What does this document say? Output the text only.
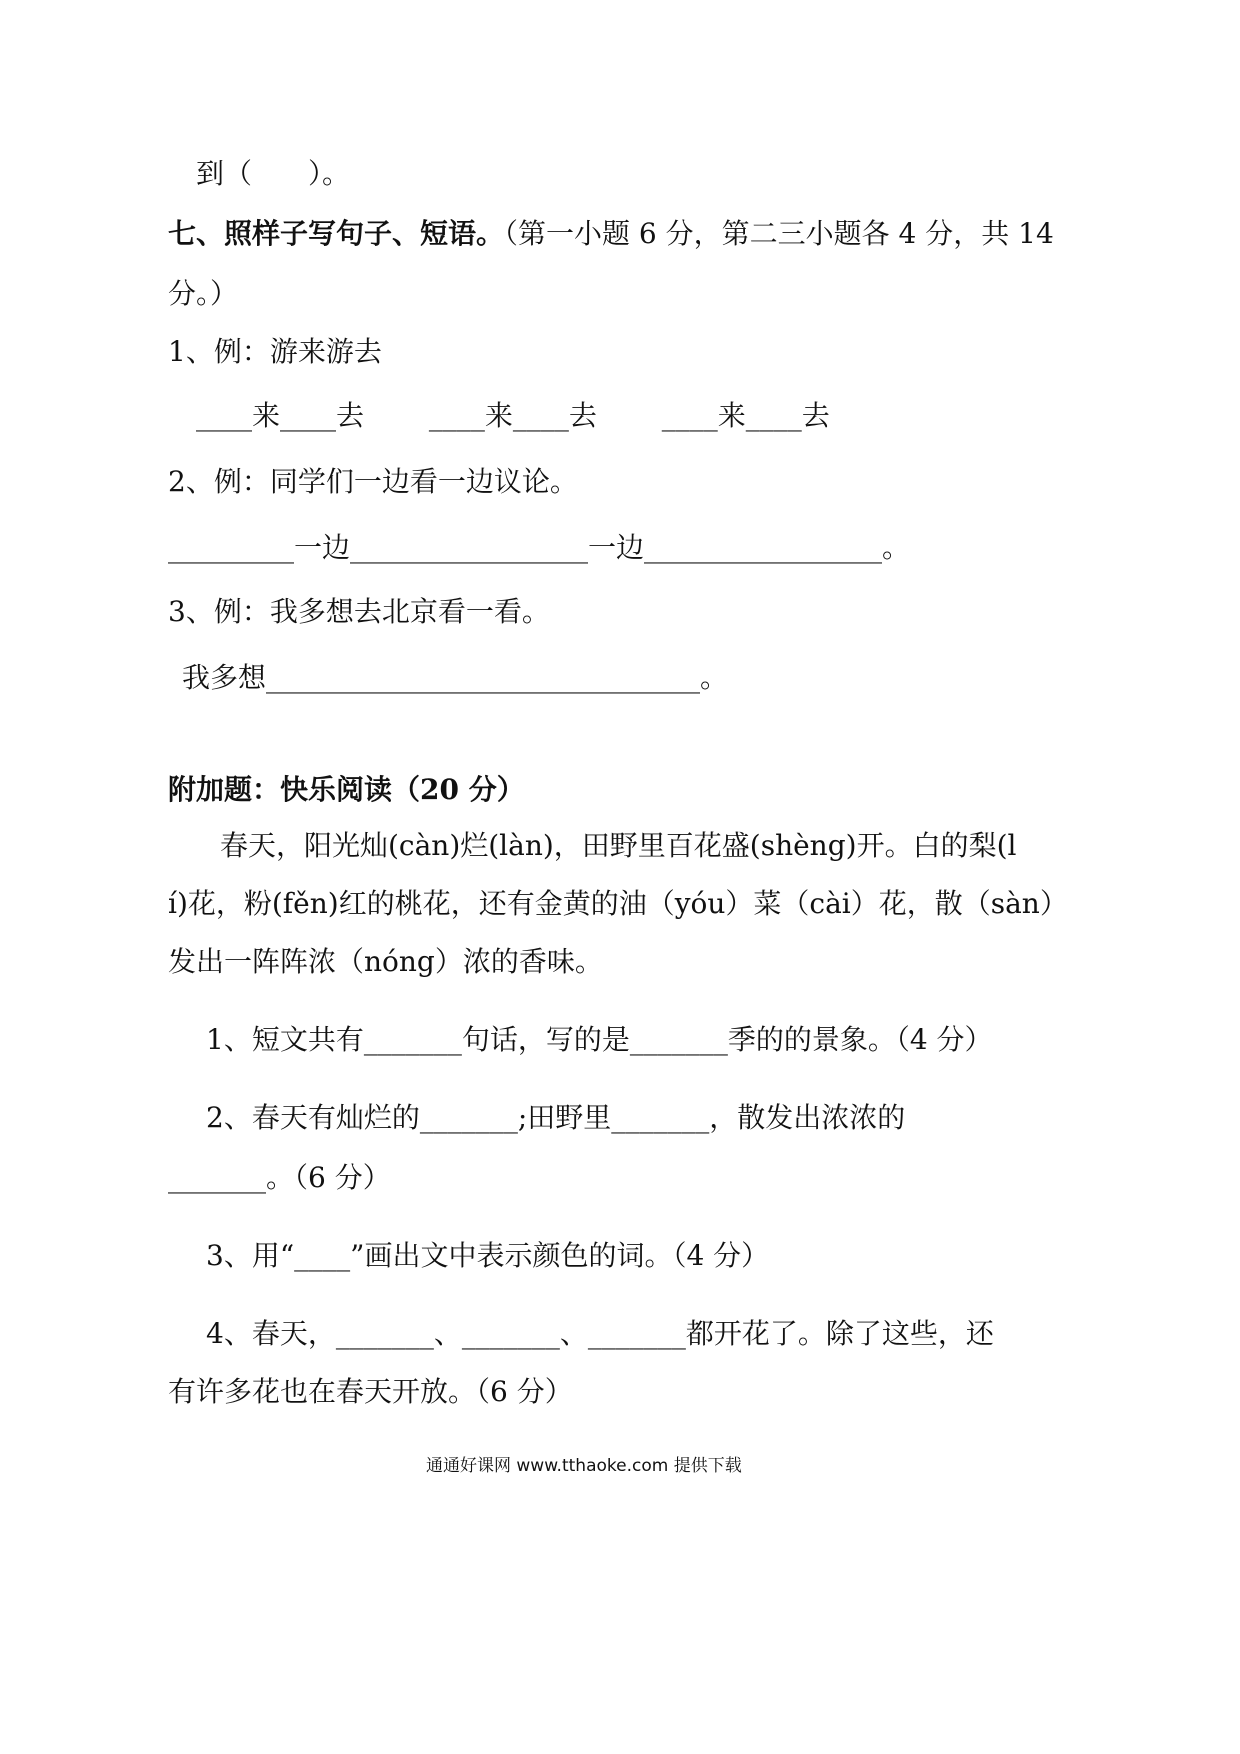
到（　　）。
七、照样子写句子、短语。（第一小题 6 分，第二三小题各 4 分，共 14
分。）
1、例：游来游去
____来____去　　 ____来____去　　 ____来____去
2、例：同学们一边看一边议论。
_________一边_________________一边_________________。
3、例：我多想去北京看一看。
我多想_______________________________。
附加题：快乐阅读（20 分）
春天，阳光灿(càn)烂(làn)，田野里百花盛(shèng)开。白的梨(l
í)花，粉(fěn)红的桃花，还有金黄的油（yóu）菜（cài）花，散（sàn）
发出一阵阵浓（nóng）浓的香味。
1、短文共有_______句话，写的是_______季的的景象。（4 分）
2、春天有灿烂的_______;田野里_______，散发出浓浓的
_______。（6 分）
3、用“____”画出文中表示颜色的词。（4 分）
4、春天，_______、_______、_______都开花了。除了这些，还
有许多花也在春天开放。（6 分）
通通好课网 www.tthaoke.com 提供下载
